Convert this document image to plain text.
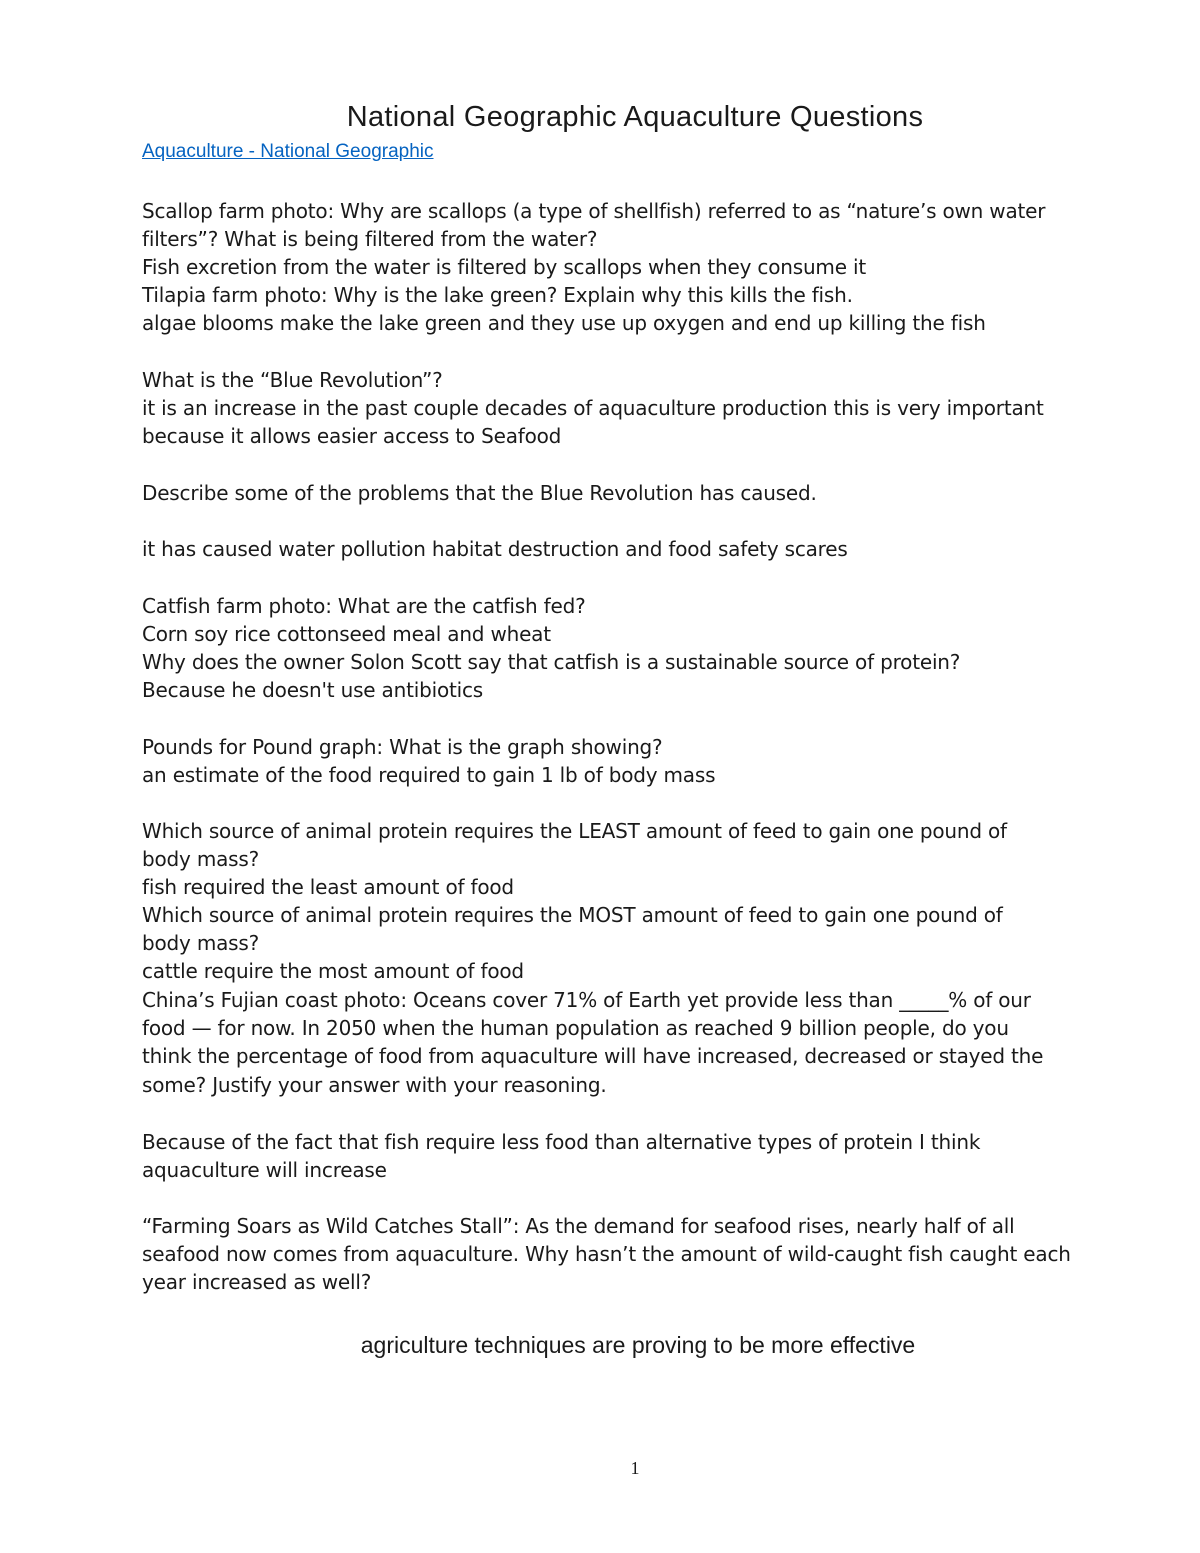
National Geographic Aquaculture Questions
Aquaculture - National Geographic
Scallop farm photo: Why are scallops (a type of shellfish) referred to as “nature’s own water
filters”? What is being filtered from the water?
Fish excretion from the water is filtered by scallops when they consume it
Tilapia farm photo: Why is the lake green? Explain why this kills the fish.
algae blooms make the lake green and they use up oxygen and end up killing the fish
What is the “Blue Revolution”?
it is an increase in the past couple decades of aquaculture production this is very important
because it allows easier access to Seafood
Describe some of the problems that the Blue Revolution has caused.
it has caused water pollution habitat destruction and food safety scares
Catfish farm photo: What are the catfish fed?
Corn soy rice cottonseed meal and wheat
Why does the owner Solon Scott say that catfish is a sustainable source of protein?
Because he doesn't use antibiotics
Pounds for Pound graph: What is the graph showing?
an estimate of the food required to gain 1 lb of body mass
Which source of animal protein requires the LEAST amount of feed to gain one pound of
body mass?
fish required the least amount of food
Which source of animal protein requires the MOST amount of feed to gain one pound of
body mass?
cattle require the most amount of food
China’s Fujian coast photo: Oceans cover 71% of Earth yet provide less than _____% of our
food — for now. In 2050 when the human population as reached 9 billion people, do you
think the percentage of food from aquaculture will have increased, decreased or stayed the
some? Justify your answer with your reasoning.
Because of the fact that fish require less food than alternative types of protein I think
aquaculture will increase
“Farming Soars as Wild Catches Stall”: As the demand for seafood rises, nearly half of all
seafood now comes from aquaculture. Why hasn’t the amount of wild-caught fish caught each
year increased as well?
agriculture techniques are proving to be more effective
1
